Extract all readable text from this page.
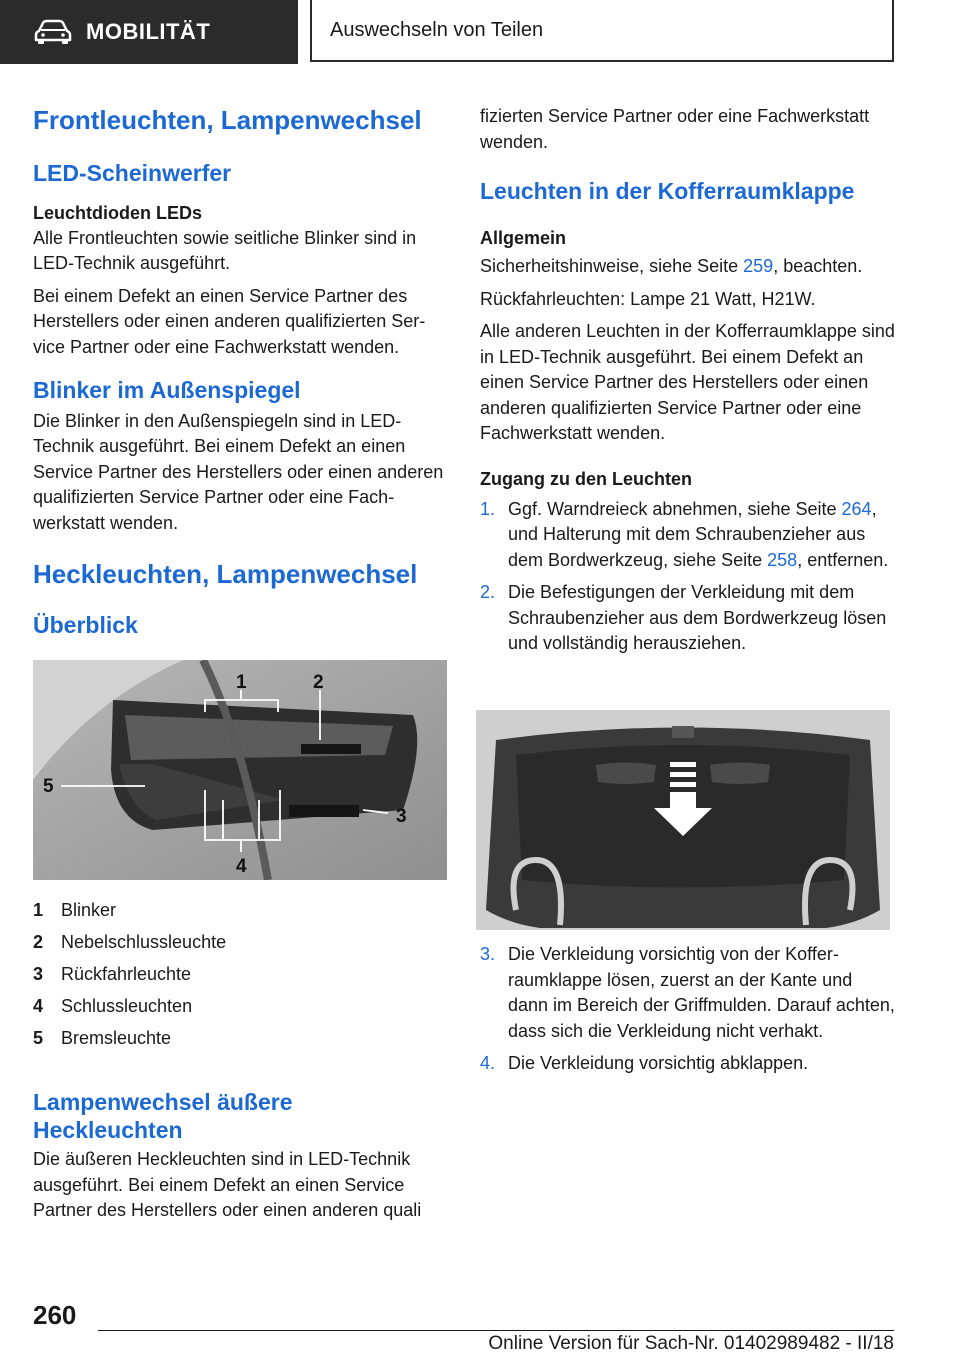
MOBILITÄT	Auswechseln von Teilen
Frontleuchten, Lampenwechsel
LED-Scheinwerfer
Leuchtdioden LEDs

Alle Frontleuchten sowie seitliche Blinker sind in LED-Technik ausgeführt.

Bei einem Defekt an einen Service Partner des Herstellers oder einen anderen qualifizierten Service Partner oder eine Fachwerkstatt wenden.

Blinker im Außenspiegel

Die Blinker in den Außenspiegeln sind in LED-Technik ausgeführt. Bei einem Defekt an einen Service Partner des Herstellers oder einen anderen qualifizierten Service Partner oder eine Fachwerkstatt wenden.

Heckleuchten, Lampenwechsel
Überblick
1	2
3
4
5
1 Blinker
2 Nebelschlussleuchte
3 Rückfahrleuchte
4 Schlussleuchten
5 Bremsleuchte
Lampenwechsel äußere Heckleuchten

Die äußeren Heckleuchten sind in LED-Technik ausgeführt. Bei einem Defekt an einen Service Partner des Herstellers oder einen anderen quali

fizierten Service Partner oder eine Fachwerkstatt wenden.

Leuchten in der Kofferraumklappe
Allgemein

Sicherheitshinweise, siehe Seite 259, beachten.

Rückfahrleuchten: Lampe 21 Watt, H21W.

Alle anderen Leuchten in der Kofferraumklappe sind in LED-Technik ausgeführt. Bei einem Defekt an einen Service Partner des Herstellers oder einen anderen qualifizierten Service Partner oder eine Fachwerkstatt wenden.

Zugang zu den Leuchten
1. Ggf. Warndreieck abnehmen, siehe Seite 264, und Halterung mit dem Schraubenzieher aus dem Bordwerkzeug, siehe Seite 258, entfernen.
2. Die Befestigungen der Verkleidung mit dem Schraubenzieher aus dem Bordwerkzeug lösen und vollständig herausziehen.
3. Die Verkleidung vorsichtig von der Kofferraumklappe lösen, zuerst an der Kante und dann im Bereich der Griffmulden. Darauf achten, dass sich die Verkleidung nicht verhakt.
4. Die Verkleidung vorsichtig abklappen.
260
Online Version für Sach-Nr. 01402989482 - II/18
